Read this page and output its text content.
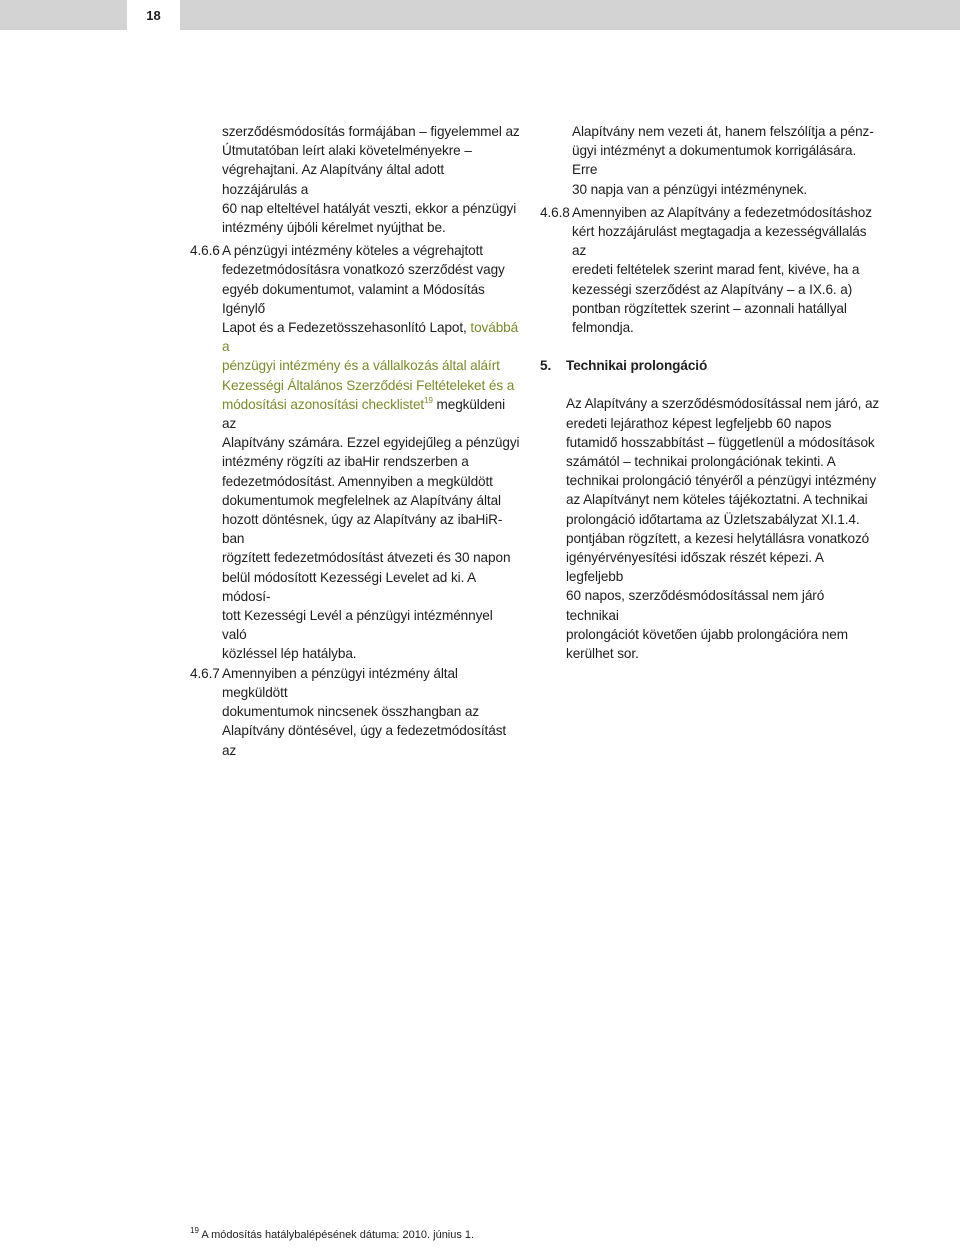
18
szerződésmódosítás formájában – figyelemmel az
Útmutatóban leírt alaki követelményekre –
végrehajtani. Az Alapítvány által adott hozzájárulás a
60 nap elteltével hatályát veszti, ekkor a pénzügyi
intézmény újbóli kérelmet nyújthat be.
4.6.6 A pénzügyi intézmény köteles a végrehajtott
fedezetmódosításra vonatkozó szerződést vagy
egyéb dokumentumot, valamint a Módosítás Igénylő
Lapot és a Fedezetösszehasonlító Lapot, továbbá a
pénzügyi intézmény és a vállalkozás által aláírt
Kezességi Általános Szerződési Feltételeket és a
módosítási azonosítási checklistet$^{19}$ megküldeni az
Alapítvány számára. Ezzel egyidejűleg a pénzügyi
intézmény rögzíti az ibaHir rendszerben a
fedezetmódosítást. Amennyiben a megküldött
dokumentumok megfelelnek az Alapítvány által
hozott döntésnek, úgy az Alapítvány az ibaHiR-ban
rögzített fedezetmódosítást átvezeti és 30 napon
belül módosított Kezességi Levelet ad ki. A módosí-
tott Kezességi Levél a pénzügyi intézménnyel való
közléssel lép hatályba.
4.6.7 Amennyiben a pénzügyi intézmény által megküldött
dokumentumok nincsenek összhangban az
Alapítvány döntésével, úgy a fedezetmódosítást az
Alapítvány nem vezeti át, hanem felszólítja a pénz-
ügyi intézményt a dokumentumok korrigálására. Erre
30 napja van a pénzügyi intézménynek.
4.6.8 Amennyiben az Alapítvány a fedezetmódosításhoz
kért hozzájárulást megtagadja a kezességvállalás az
eredeti feltételek szerint marad fent, kivéve, ha a
kezességi szerződést az Alapítvány – a IX.6. a)
pontban rögzítettek szerint – azonnali hatállyal
felmondja.
5. Technikai prolongáció
Az Alapítvány a szerződésmódosítással nem járó, az
eredeti lejárathoz képest legfeljebb 60 napos
futamidő hosszabbítást – függetlenül a módosítások
számától – technikai prolongációnak tekinti. A
technikai prolongáció tényéről a pénzügyi intézmény
az Alapítványt nem köteles tájékoztatni. A technikai
prolongáció időtartama az Üzletszabályzat XI.1.4.
pontjában rögzített, a kezesi helytállásra vonatkozó
igényérvényesítési időszak részét képezi. A legfeljebb
60 napos, szerződésmódosítással nem járó technikai
prolongációt követően újabb prolongációra nem
kerülhet sor.
$^{19}$ A módosítás hatálybalépésének dátuma: 2010. június 1.
